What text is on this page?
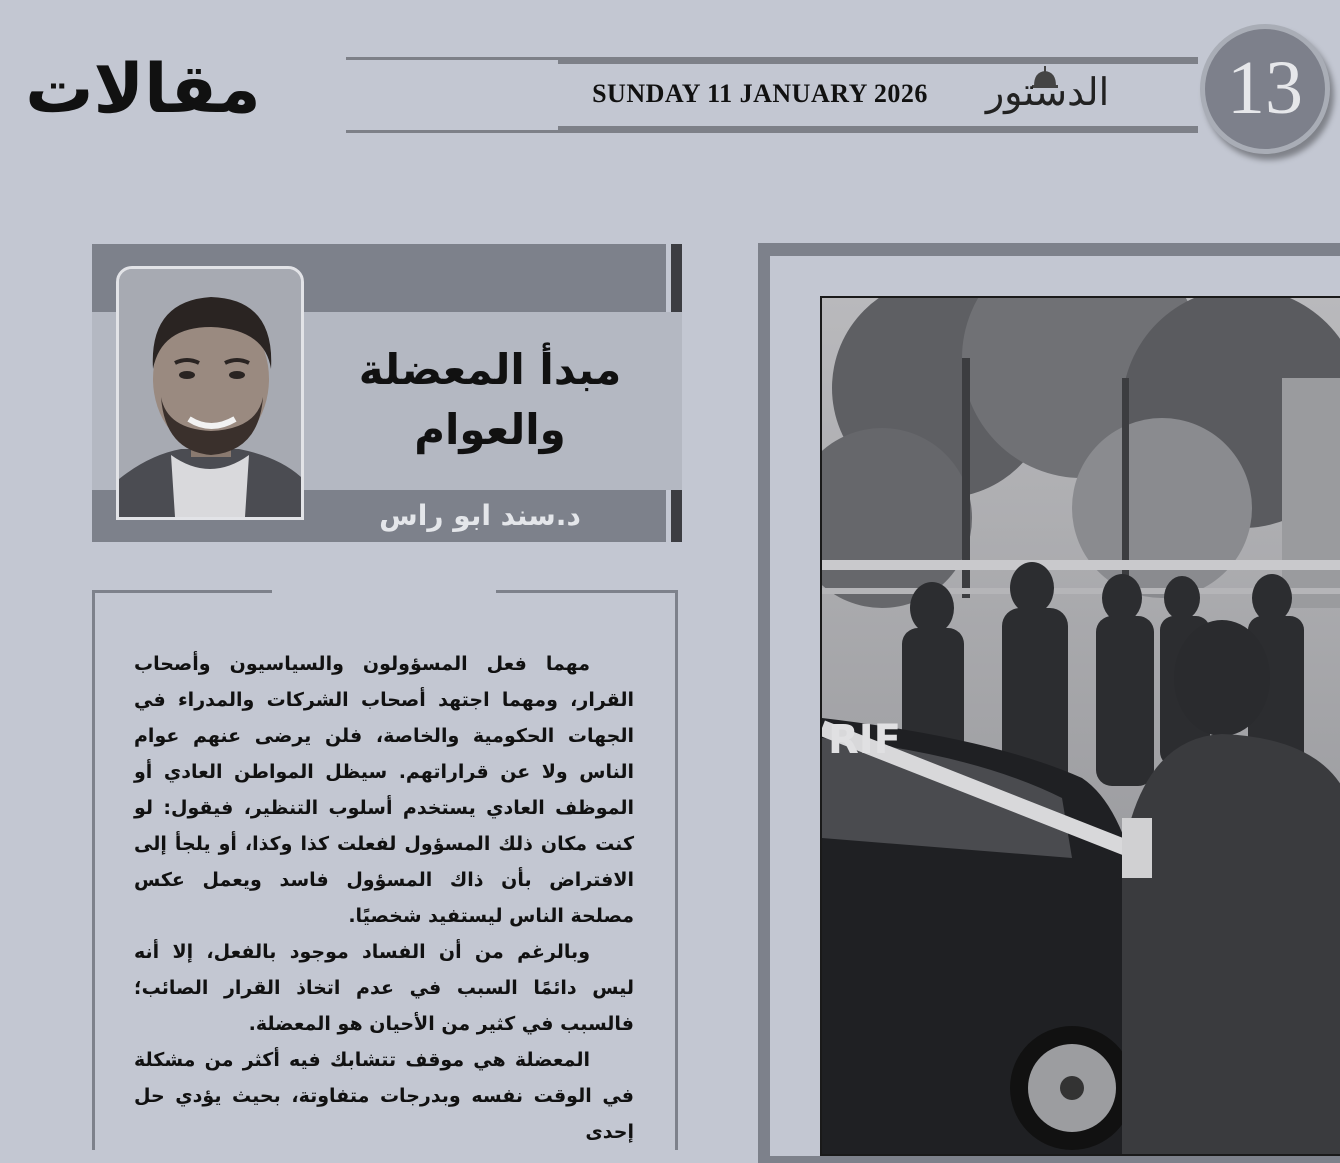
مقالات	SUNDAY 11 JANUARY 2026	الدستور	13
مبدأ المعضلة
والعوام
د.سند ابو راس

مهما فعل المسؤولون والسياسيون وأصحاب القرار، ومهما اجتهد أصحاب الشركات والمدراء في الجهات الحكومية والخاصة، فلن يرضى عنهم عوام الناس ولا عن قراراتهم. سيظل المواطن العادي أو الموظف العادي يستخدم أسلوب التنظير، فيقول: لو كنت مكان ذلك المسؤول لفعلت كذا وكذا، أو يلجأ إلى الافتراض بأن ذاك المسؤول فاسد ويعمل عكس مصلحة الناس ليستفيد شخصيًا.

وبالرغم من أن الفساد موجود بالفعل، إلا أنه ليس دائمًا السبب في عدم اتخاذ القرار الصائب؛ فالسبب في كثير من الأحيان هو المعضلة.

المعضلة هي موقف تتشابك فيه أكثر من مشكلة في الوقت نفسه وبدرجات متفاوتة، بحيث يؤدي حل إحدى

RIF
